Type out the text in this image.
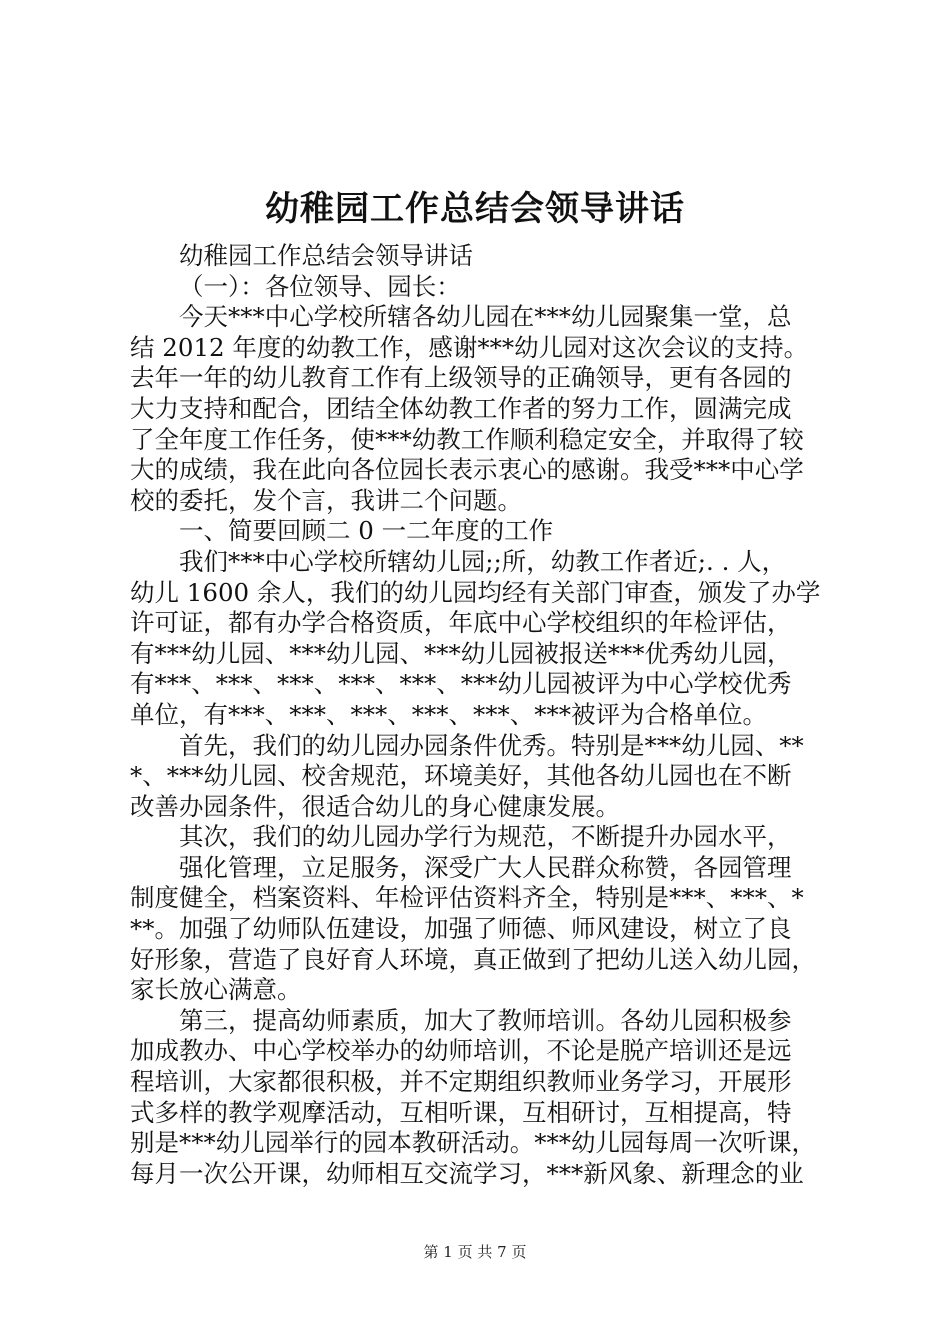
幼稚园工作总结会领导讲话
幼稚园工作总结会领导讲话
（一）：各位领导、园长：
今天***中心学校所辖各幼儿园在***幼儿园聚集一堂，总
结 2012 年度的幼教工作，感谢***幼儿园对这次会议的支持。
去年一年的幼儿教育工作有上级领导的正确领导，更有各园的
大力支持和配合，团结全体幼教工作者的努力工作，圆满完成
了全年度工作任务，使***幼教工作顺利稳定安全，并取得了较
大的成绩，我在此向各位园长表示衷心的感谢。我受***中心学
校的委托，发个言，我讲二个问题。
一、简要回顾二 0 一二年度的工作
我们***中心学校所辖幼儿园;;所，幼教工作者近;. . 人，
幼儿 1600 余人，我们的幼儿园均经有关部门审查，颁发了办学
许可证，都有办学合格资质，年底中心学校组织的年检评估，
有***幼儿园、***幼儿园、***幼儿园被报送***优秀幼儿园，
有***、***、***、***、***、***幼儿园被评为中心学校优秀
单位，有***、***、***、***、***、***被评为合格单位。
首先，我们的幼儿园办园条件优秀。特别是***幼儿园、**
*、***幼儿园、校舍规范，环境美好，其他各幼儿园也在不断
改善办园条件，很适合幼儿的身心健康发展。
其次，我们的幼儿园办学行为规范，不断提升办园水平，
强化管理，立足服务，深受广大人民群众称赞，各园管理
制度健全，档案资料、年检评估资料齐全，特别是***、***、*
**。加强了幼师队伍建设，加强了师德、师风建设，树立了良
好形象，营造了良好育人环境，真正做到了把幼儿送入幼儿园，
家长放心满意。
第三，提高幼师素质，加大了教师培训。各幼儿园积极参
加成教办、中心学校举办的幼师培训，不论是脱产培训还是远
程培训，大家都很积极，并不定期组织教师业务学习，开展形
式多样的教学观摩活动，互相听课，互相研讨，互相提高，特
别是***幼儿园举行的园本教研活动。***幼儿园每周一次听课，
每月一次公开课，幼师相互交流学习，***新风象、新理念的业
第 1 页 共 7 页
